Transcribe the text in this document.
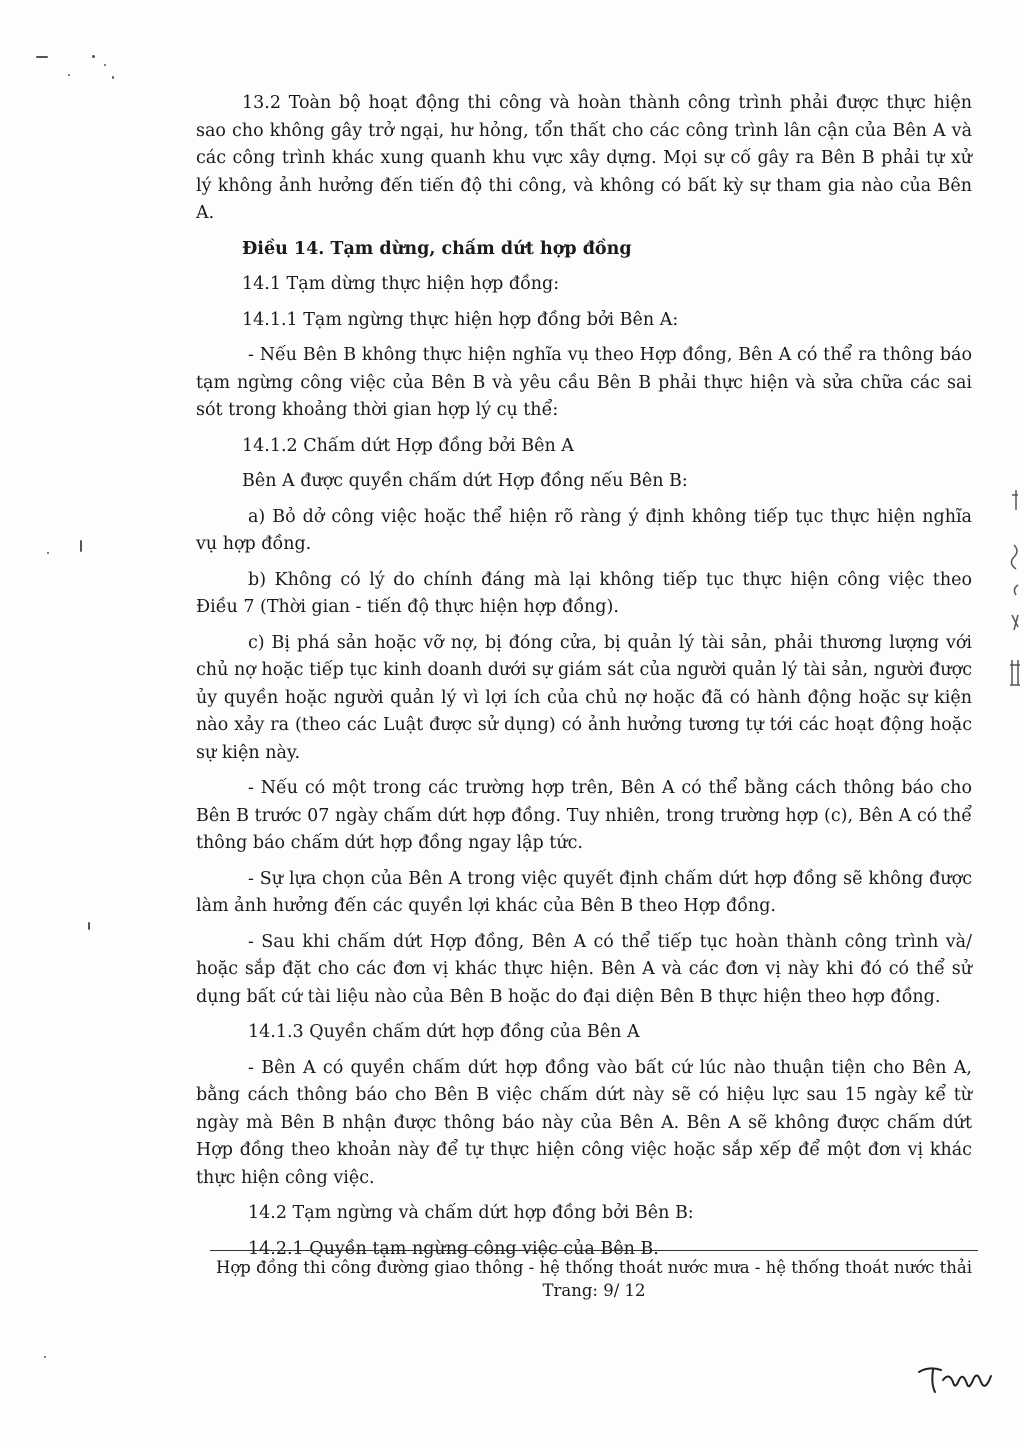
13.2 Toàn bộ hoạt động thi công và hoàn thành công trình phải được thực hiện sao cho không gây trở ngại, hư hỏng, tổn thất cho các công trình lân cận của Bên A và các công trình khác xung quanh khu vực xây dựng. Mọi sự cố gây ra Bên B phải tự xử lý không ảnh hưởng đến tiến độ thi công, và không có bất kỳ sự tham gia nào của Bên A.

Điều 14. Tạm dừng, chấm dứt hợp đồng

14.1 Tạm dừng thực hiện hợp đồng:

14.1.1 Tạm ngừng thực hiện hợp đồng bởi Bên A:

- Nếu Bên B không thực hiện nghĩa vụ theo Hợp đồng, Bên A có thể ra thông báo tạm ngừng công việc của Bên B và yêu cầu Bên B phải thực hiện và sửa chữa các sai sót trong khoảng thời gian hợp lý cụ thể:

14.1.2 Chấm dứt Hợp đồng bởi Bên A

Bên A được quyền chấm dứt Hợp đồng nếu Bên B:

a) Bỏ dở công việc hoặc thể hiện rõ ràng ý định không tiếp tục thực hiện nghĩa vụ hợp đồng.

b) Không có lý do chính đáng mà lại không tiếp tục thực hiện công việc theo Điều 7 (Thời gian - tiến độ thực hiện hợp đồng).

c) Bị phá sản hoặc vỡ nợ, bị đóng cửa, bị quản lý tài sản, phải thương lượng với chủ nợ hoặc tiếp tục kinh doanh dưới sự giám sát của người quản lý tài sản, người được ủy quyền hoặc người quản lý vì lợi ích của chủ nợ hoặc đã có hành động hoặc sự kiện nào xảy ra (theo các Luật được sử dụng) có ảnh hưởng tương tự tới các hoạt động hoặc sự kiện này.

- Nếu có một trong các trường hợp trên, Bên A có thể bằng cách thông báo cho Bên B trước 07 ngày chấm dứt hợp đồng. Tuy nhiên, trong trường hợp (c), Bên A có thể thông báo chấm dứt hợp đồng ngay lập tức.

- Sự lựa chọn của Bên A trong việc quyết định chấm dứt hợp đồng sẽ không được làm ảnh hưởng đến các quyền lợi khác của Bên B theo Hợp đồng.

- Sau khi chấm dứt Hợp đồng, Bên A có thể tiếp tục hoàn thành công trình và/ hoặc sắp đặt cho các đơn vị khác thực hiện. Bên A và các đơn vị này khi đó có thể sử dụng bất cứ tài liệu nào của Bên B hoặc do đại diện Bên B thực hiện theo hợp đồng.

14.1.3 Quyền chấm dứt hợp đồng của Bên A

- Bên A có quyền chấm dứt hợp đồng vào bất cứ lúc nào thuận tiện cho Bên A, bằng cách thông báo cho Bên B việc chấm dứt này sẽ có hiệu lực sau 15 ngày kể từ ngày mà Bên B nhận được thông báo này của Bên A. Bên A sẽ không được chấm dứt Hợp đồng theo khoản này để tự thực hiện công việc hoặc sắp xếp để một đơn vị khác thực hiện công việc.

14.2 Tạm ngừng và chấm dứt hợp đồng bởi Bên B:

14.2.1 Quyền tạm ngừng công việc của Bên B.

Hợp đồng thi công đường giao thông - hệ thống thoát nước mưa - hệ thống thoát nước thải
Trang: 9/ 12
